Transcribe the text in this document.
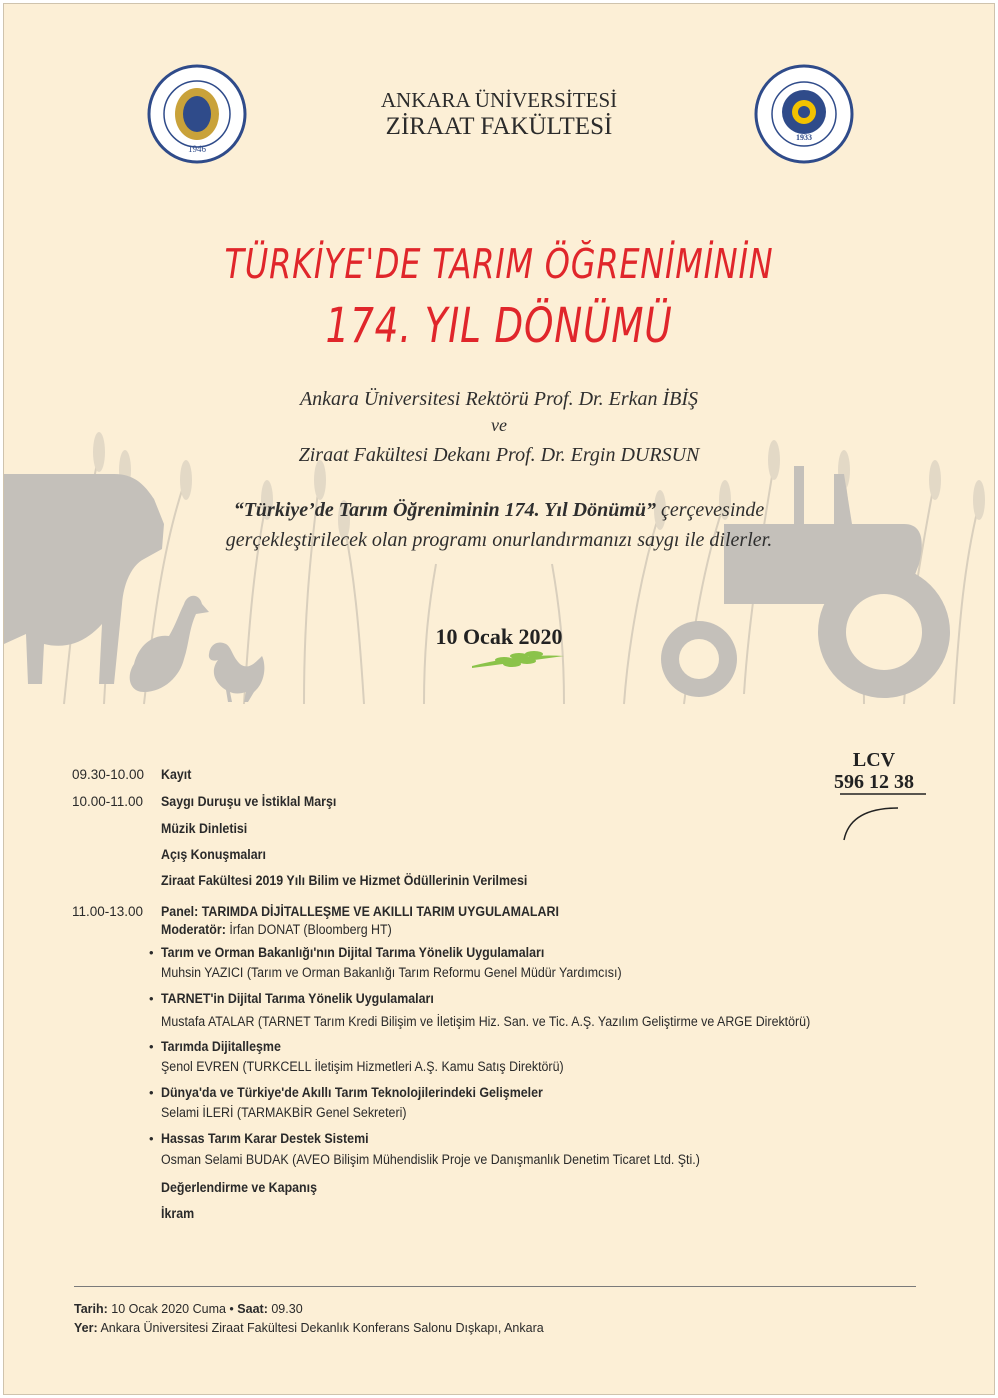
1946
1933
ANKARA ÜNİVERSİTESİ
ZİRAAT FAKÜLTESİ
TÜRKİYE'DE TARIM ÖĞRENİMİNİN
174. YIL DÖNÜMÜ
Ankara Üniversitesi Rektörü Prof. Dr. Erkan İBİŞ
ve
Ziraat Fakültesi Dekanı Prof. Dr. Ergin DURSUN
“Türkiye’de Tarım Öğreniminin 174. Yıl Dönümü” çerçevesinde
gerçekleştirilecek olan programı onurlandırmanızı saygı ile dilerler.
10 Ocak 2020
LCV
596 12 38
09.30-10.00 Kayıt
10.00-11.00 Saygı Duruşu ve İstiklal Marşı
Müzik Dinletisi
Açış Konuşmaları
Ziraat Fakültesi 2019 Yılı Bilim ve Hizmet Ödüllerinin Verilmesi
11.00-13.00 Panel: TARIMDA DİJİTALLEŞME VE AKILLI TARIM UYGULAMALARI
Moderatör: İrfan DONAT (Bloomberg HT)
• Tarım ve Orman Bakanlığı'nın Dijital Tarıma Yönelik Uygulamaları
Muhsin YAZICI (Tarım ve Orman Bakanlığı Tarım Reformu Genel Müdür Yardımcısı)
• TARNET'in Dijital Tarıma Yönelik Uygulamaları
Mustafa ATALAR (TARNET Tarım Kredi Bilişim ve İletişim Hiz. San. ve Tic. A.Ş. Yazılım Geliştirme ve ARGE Direktörü)
• Tarımda Dijitalleşme
Şenol EVREN (TURKCELL İletişim Hizmetleri A.Ş. Kamu Satış Direktörü)
• Dünya'da ve Türkiye'de Akıllı Tarım Teknolojilerindeki Gelişmeler
Selami İLERİ (TARMAKBİR Genel Sekreteri)
• Hassas Tarım Karar Destek Sistemi
Osman Selami BUDAK (AVEO Bilişim Mühendislik Proje ve Danışmanlık Denetim Ticaret Ltd. Şti.)
Değerlendirme ve Kapanış
İkram
Tarih: 10 Ocak 2020 Cuma • Saat: 09.30
Yer: Ankara Üniversitesi Ziraat Fakültesi Dekanlık Konferans Salonu Dışkapı, Ankara
